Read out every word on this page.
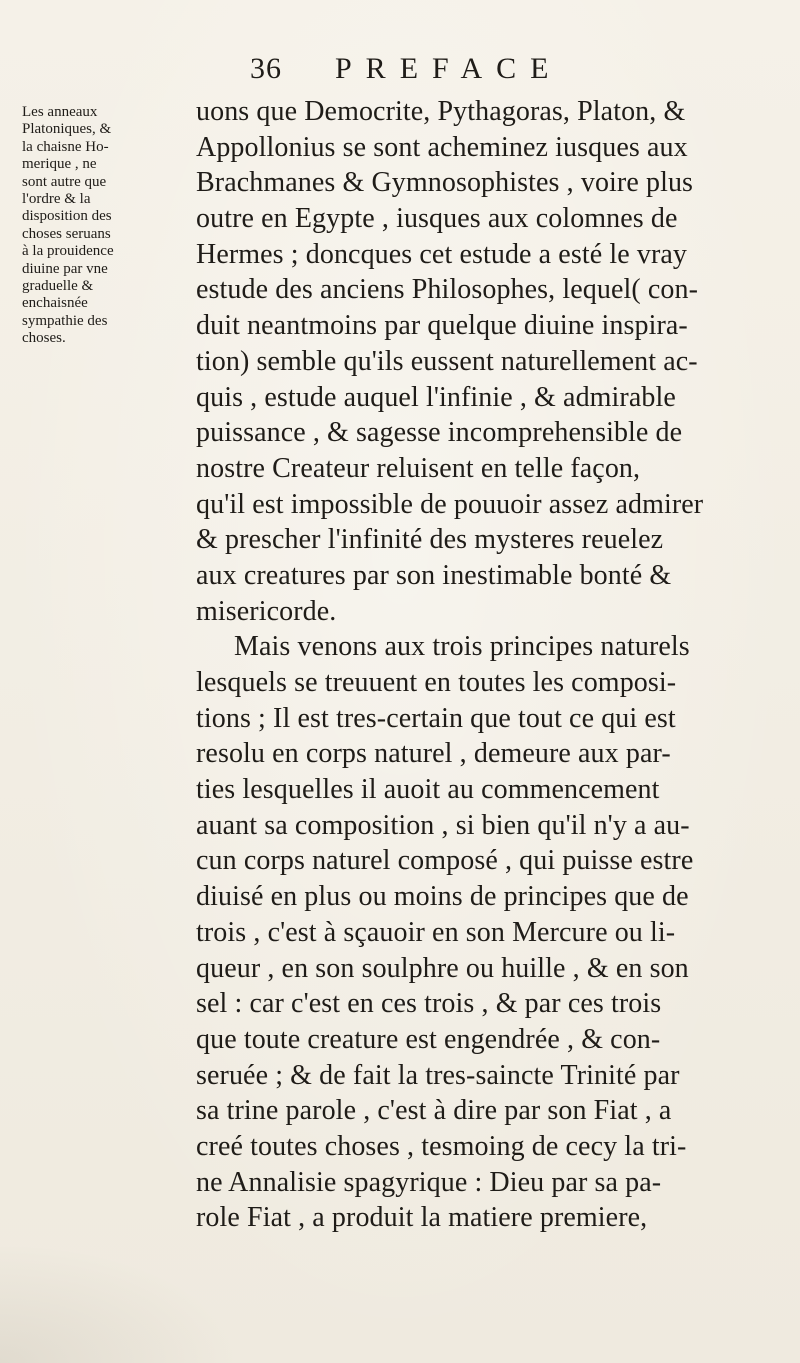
36 PREFACE
Les anneaux
Platoniques, &
la chaisne Ho-
merique , ne
sont autre que
l'ordre & la
disposition des
choses seruans
à la prouidence
diuine par vne
graduelle &
enchaisnée
sympathie des
choses.
uons que Democrite, Pythagoras, Platon, &
Appollonius se sont acheminez iusques aux
Brachmanes & Gymnosophistes , voire plus
outre en Egypte , iusques aux colomnes de
Hermes ; doncques cet estude a esté le vray
estude des anciens Philosophes, lequel( con-
duit neantmoins par quelque diuine inspira-
tion) semble qu'ils eussent naturellement ac-
quis , estude auquel l'infinie , & admirable
puissance , & sagesse incomprehensible de
nostre Createur reluisent en telle façon,
qu'il est impossible de pouuoir assez admirer
& prescher l'infinité des mysteres reuelez
aux creatures par son inestimable bonté &
misericorde.
Mais venons aux trois principes naturels
lesquels se treuuent en toutes les composi-
tions ; Il est tres-certain que tout ce qui est
resolu en corps naturel , demeure aux par-
ties lesquelles il auoit au commencement
auant sa composition , si bien qu'il n'y a au-
cun corps naturel composé , qui puisse estre
diuisé en plus ou moins de principes que de
trois , c'est à sçauoir en son Mercure ou li-
queur , en son soulphre ou huille , & en son
sel : car c'est en ces trois , & par ces trois
que toute creature est engendrée , & con-
seruée ; & de fait la tres-saincte Trinité par
sa trine parole , c'est à dire par son Fiat , a
creé toutes choses , tesmoing de cecy la tri-
ne Annalisie spagyrique : Dieu par sa pa-
role Fiat , a produit la matiere premiere,
